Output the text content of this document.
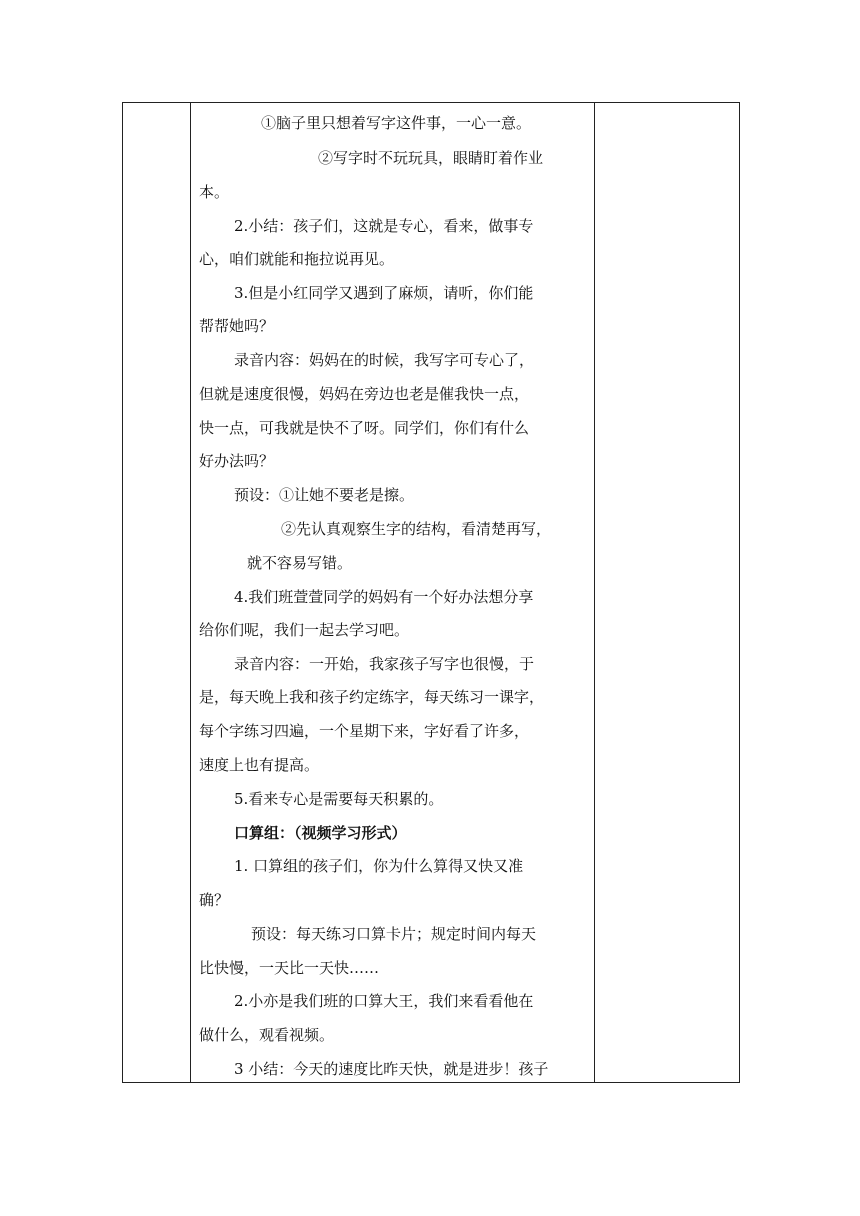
①脑子里只想着写字这件事，一心一意。
②写字时不玩玩具，眼睛盯着作业
本。
2.小结：孩子们，这就是专心，看来，做事专
心，咱们就能和拖拉说再见。
3.但是小红同学又遇到了麻烦，请听，你们能
帮帮她吗？
录音内容：妈妈在的时候，我写字可专心了，
但就是速度很慢，妈妈在旁边也老是催我快一点，
快一点，可我就是快不了呀。同学们，你们有什么
好办法吗？
预设：①让她不要老是擦。
②先认真观察生字的结构，看清楚再写，
就不容易写错。
4.我们班萱萱同学的妈妈有一个好办法想分享
给你们呢，我们一起去学习吧。
录音内容：一开始，我家孩子写字也很慢，于
是，每天晚上我和孩子约定练字，每天练习一课字，
每个字练习四遍，一个星期下来，字好看了许多，
速度上也有提高。
5.看来专心是需要每天积累的。
口算组：（视频学习形式）
1. 口算组的孩子们，你为什么算得又快又准
确？
预设：每天练习口算卡片；规定时间内每天
比快慢，一天比一天快……
2.小亦是我们班的口算大王，我们来看看他在
做什么，观看视频。
3 小结：今天的速度比昨天快，就是进步！孩子
